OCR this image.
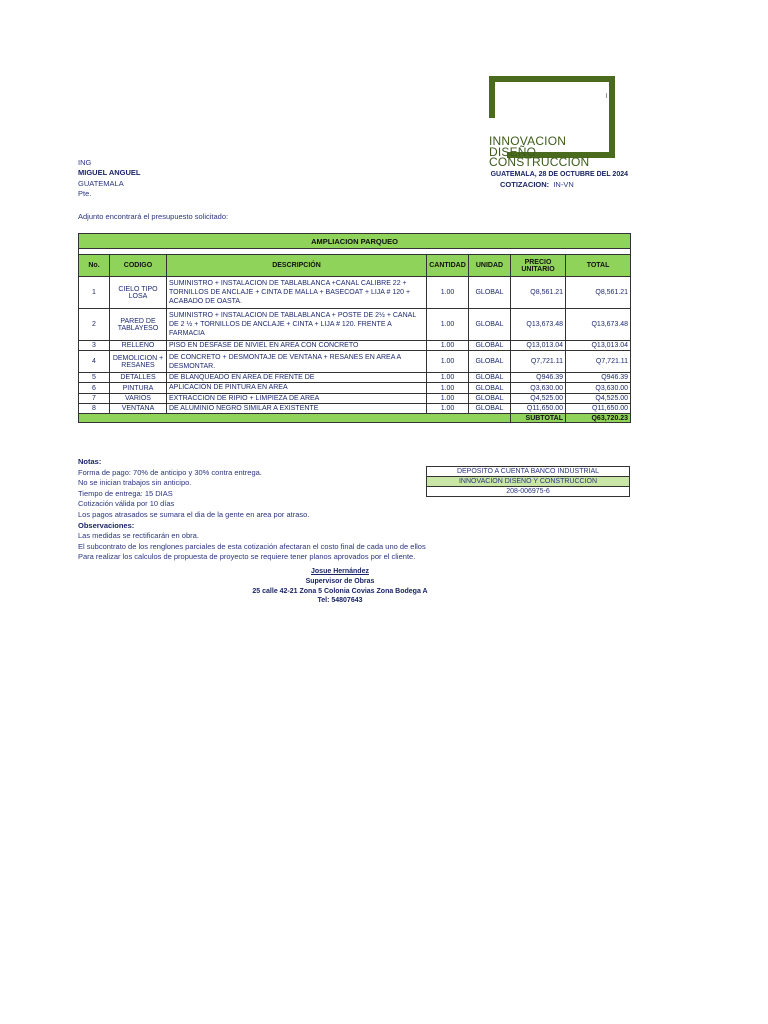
INNOVACION
DISEÑO
CONSTRUCCION
ING
MIGUEL ANGUEL
GUATEMALA
Pte.
GUATEMALA, 28 DE OCTUBRE DEL 2024
COTIZACION: IN-VN
Adjunto encontrará el presupuesto solicitado:
AMPLIACION PARQUEO						

No.	CODIGO	DESCRIPCIÓN	CANTIDAD	UNIDAD	PRECIO UNITARIO	TOTAL
1	CIELO TIPO LOSA	SUMINISTRO + INSTALACION DE TABLABLANCA +CANAL CALIBRE 22 + TORNILLOS DE ANCLAJE + CINTA DE MALLA + BASECOAT + LIJA # 120 + ACABADO DE OASTA.	1.00	GLOBAL	Q8,561.21	Q8,561.21
2	PARED DE TABLAYESO	SUMINISTRO + INSTALACION DE TABLABLANCA + POSTE DE 2½ + CANAL DE 2 ½ + TORNILLOS DE ANCLAJE + CINTA + LIJA # 120. FRENTE A FARMACIA	1.00	GLOBAL	Q13,673.48	Q13,673.48
3	RELLENO	PISO EN DESFASE DE NIVIEL EN AREA CON CONCRETO	1.00	GLOBAL	Q13,013.04	Q13,013.04
4	DEMOLICION + RESANES	DE CONCRETO + DESMONTAJE DE VENTANA + RESANES EN AREA A DESMONTAR.	1.00	GLOBAL	Q7,721.11	Q7,721.11
5	DETALLES	DE BLANQUEADO EN AREA DE FRENTE DE	1.00	GLOBAL	Q946.39	Q946.39
6	PINTURA	APLICACIÓN DE PINTURA EN AREA	1.00	GLOBAL	Q3,630.00	Q3,630.00
7	VARIOS	EXTRACCION DE RIPIO + LIMPIEZA DE AREA	1.00	GLOBAL	Q4,525.00	Q4,525.00
8	VENTANA	DE ALUMINIO NEGRO SIMILAR A EXISTENTE	1.00	GLOBAL	Q11,650.00	Q11,650.00
					SUBTOTAL	Q63,720.23
Notas:
Forma de pago: 70% de anticipo y 30% contra entrega.
No se inician trabajos sin anticipo.
Tiempo de entrega: 15 DIAS
Cotización válida por 10 días
Los pagos atrasados se sumara el dia de la gente en area por atraso.
Observaciones:
Las medidas se rectificarán en obra.
El subcontrato de los renglones parciales de esta cotización afectaran el costo final de cada uno de ellos
Para realizar los calculos de propuesta de proyecto se requiere tener planos aprovados por el cliente.
DEPOSITO A CUENTA BANCO INDUSTRIAL
INNOVACION DISENO Y CONSTRUCCION
208-006975-6
Josue Hernández
Supervisor de Obras
25 calle 42-21 Zona 5 Colonia Covias Zona Bodega A
Tel: 54807643
